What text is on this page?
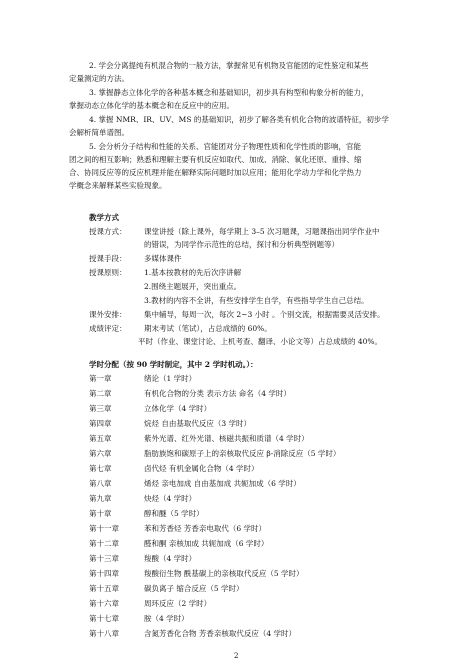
2. 学会分离提纯有机混合物的一般方法，掌握常见有机物及官能团的定性鉴定和某些
定量测定的方法。
3. 掌握静态立体化学的各种基本概念和基础知识，初步具有构型和构象分析的能力，
掌握动态立体化学的基本概念和在反应中的应用。
4. 掌握 NMR、IR、UV、MS 的基础知识，初步了解各类有机化合物的波谱特征，初步学
会解析简单谱图。
5. 会分析分子结构和性能的关系、官能团对分子物理性质和化学性质的影响，官能
团之间的相互影响；熟悉和理解主要有机反应如取代、加成、消除、氧化还原、重排、缩
合、协同反应等的反应机理并能在解释实际问题时加以应用；能用化学动力学和化学热力
学概念来解释某些实验现象。
教学方式
授课方式： 课堂讲授（除上课外，每学期上 3–5 次习题课，习题课指出同学作业中
的错误，为同学作示范性的总结，探讨和分析典型例题等）
授课手段： 多媒体课件
授课原则： 1.基本按教材的先后次序讲解
2.围绕主题展开，突出重点。
3.教材的内容不全讲，有些安排学生自学，有些指导学生自己总结。
课外安排： 集中辅导，每周一次，每次 2~3 小时 。个别交流，根据需要灵活安排。
成绩评定： 期末考试（笔试），占总成绩的 60%。
平时（作业、课堂讨论、上机考查、翻译、小论文等）占总成绩的 40%。
学时分配（按 90 学时制定，其中 2 学时机动。）：
第一章	绪论（1 学时）
第二章	有机化合物的分类 表示方法 命名（4 学时）
第三章	立体化学（4 学时）
第四章	烷烃 自由基取代反应（3 学时）
第五章	紫外光谱、红外光谱、核磁共振和质谱（4 学时）
第六章	脂肪族饱和碳原子上的亲核取代反应 β-消除反应（5 学时）
第七章	卤代烃 有机金属化合物（4 学时）
第八章	烯烃 亲电加成 自由基加成 共轭加成（6 学时）
第九章	炔烃（4 学时）
第十章	醇和醚（5 学时）
第十一章	苯和芳香烃 芳香亲电取代（6 学时）
第十二章	醛和酮 亲核加成 共轭加成（6 学时）
第十三章	羧酸（4 学时）
第十四章	羧酸衍生物 酰基碳上的亲核取代反应（5 学时）
第十五章	碳负离子 缩合反应（5 学时）
第十六章	周环反应（2 学时）
第十七章	胺（4 学时）
第十八章	含氮芳香化合物 芳香亲核取代反应（4 学时）
2
